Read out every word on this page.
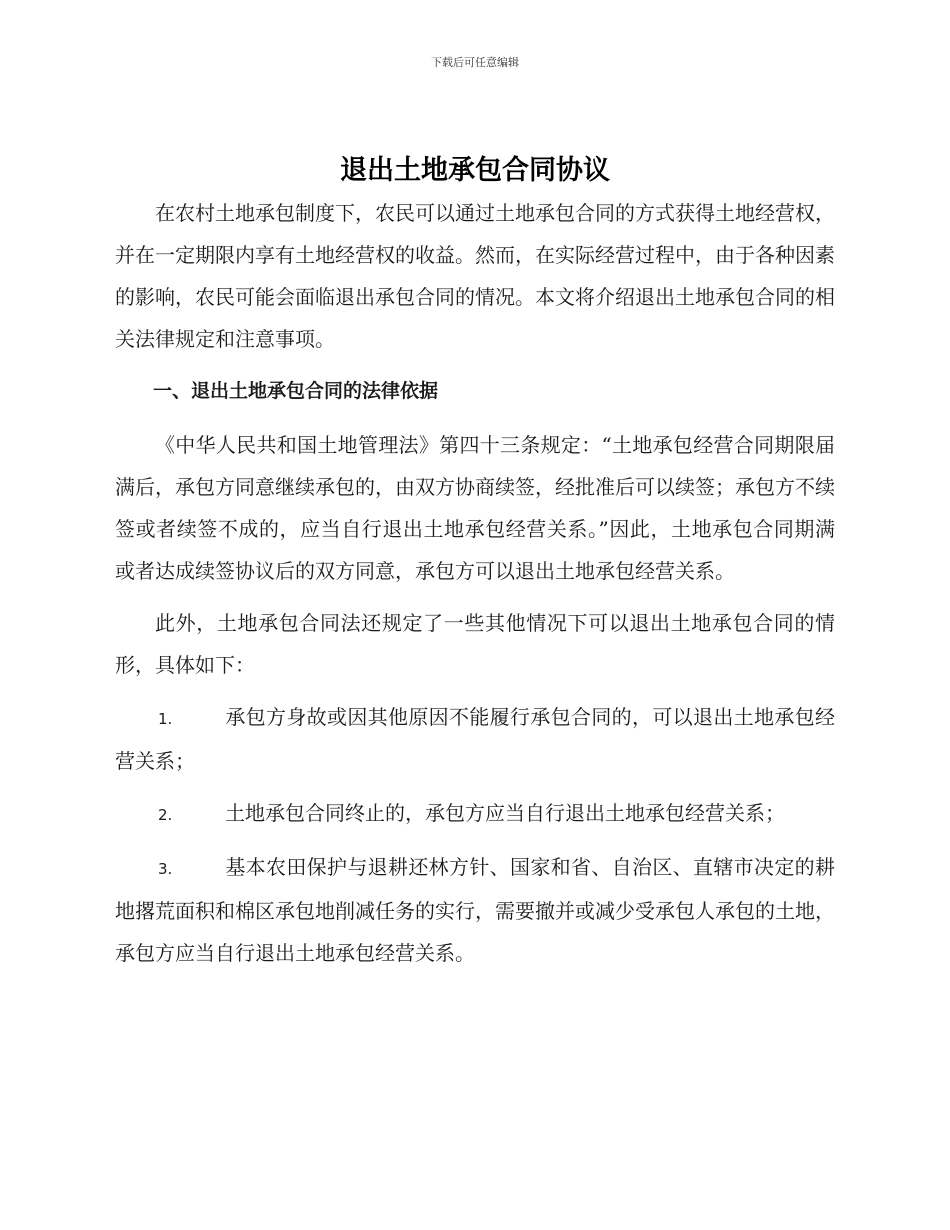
下载后可任意编辑
退出土地承包合同协议

在农村土地承包制度下，农民可以通过土地承包合同的方式获得土地经营权，并在一定期限内享有土地经营权的收益。然而，在实际经营过程中，由于各种因素的影响，农民可能会面临退出承包合同的情况。本文将介绍退出土地承包合同的相关法律规定和注意事项。

一、退出土地承包合同的法律依据

《中华人民共和国土地管理法》第四十三条规定：“土地承包经营合同期限届满后，承包方同意继续承包的，由双方协商续签，经批准后可以续签；承包方不续签或者续签不成的，应当自行退出土地承包经营关系。”因此，土地承包合同期满或者达成续签协议后的双方同意，承包方可以退出土地承包经营关系。

此外，土地承包合同法还规定了一些其他情况下可以退出土地承包合同的情形，具体如下：

1.	承包方身故或因其他原因不能履行承包合同的，可以退出土地承包经营关系；

2.	土地承包合同终止的，承包方应当自行退出土地承包经营关系；

3.	基本农田保护与退耕还林方针、国家和省、自治区、直辖市决定的耕地撂荒面积和棉区承包地削减任务的实行，需要撤并或减少受承包人承包的土地，承包方应当自行退出土地承包经营关系。
